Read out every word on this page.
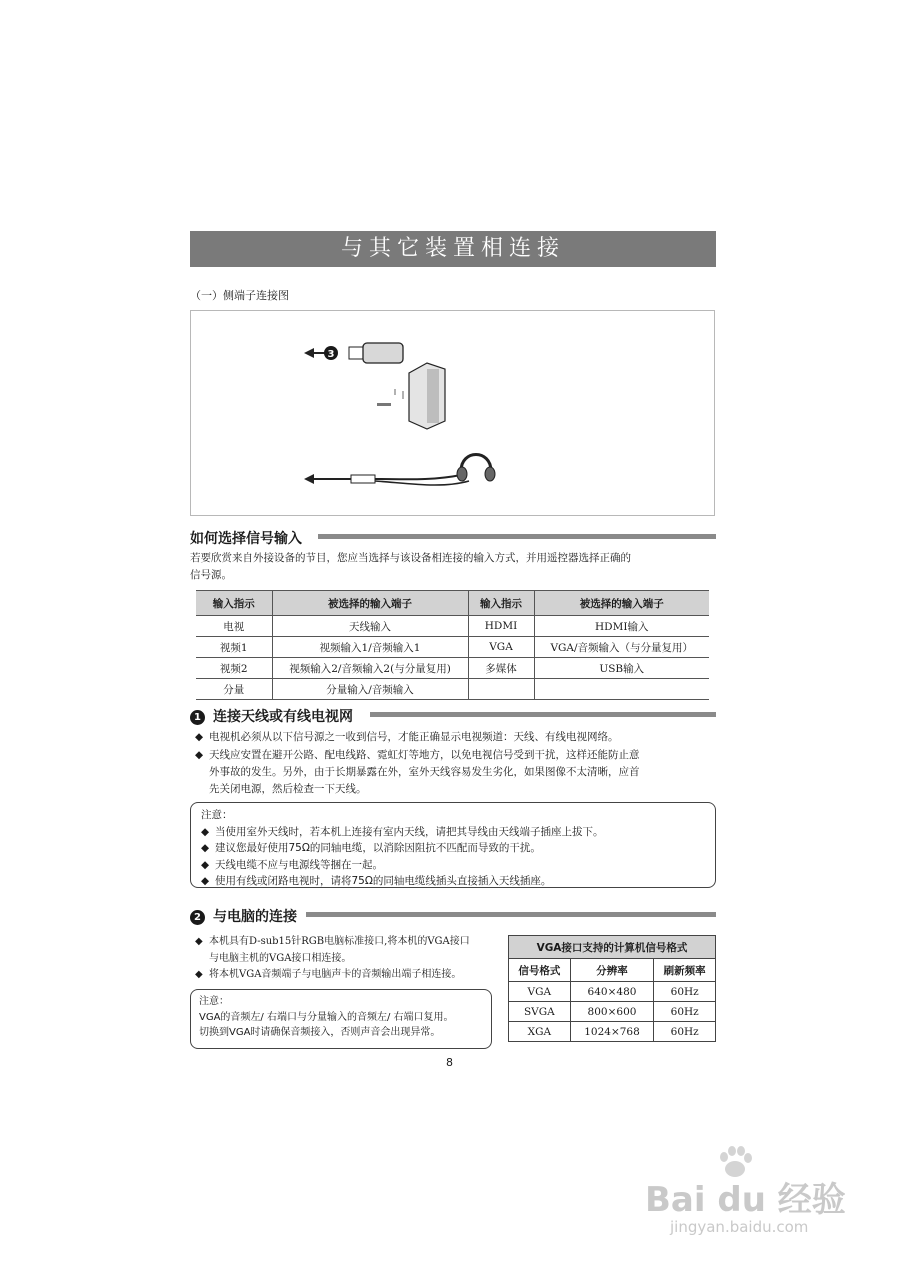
与其它装置相连接
（一）侧端子连接图
3
如何选择信号输入
若要欣赏来自外接设备的节目，您应当选择与该设备相连接的输入方式，并用遥控器选择正确的
信号源。
输入指示	被选择的输入端子	输入指示	被选择的输入端子
电视	天线输入	HDMI	HDMI输入
视频1	视频输入1/音频输入1	VGA	VGA/音频输入（与分量复用）
视频2	视频输入2/音频输入2(与分量复用)	多媒体	USB输入
分量	分量输入/音频输入		
1 连接天线或有线电视网
◆ 电视机必须从以下信号源之一收到信号，才能正确显示电视频道：天线、有线电视网络。
◆ 天线应安置在避开公路、配电线路、霓虹灯等地方，以免电视信号受到干扰，这样还能防止意
外事故的发生。另外，由于长期暴露在外，室外天线容易发生劣化，如果图像不太清晰，应首
先关闭电源，然后检查一下天线。
注意：
◆ 当使用室外天线时，若本机上连接有室内天线，请把其导线由天线端子插座上拔下。
◆ 建议您最好使用75Ω的同轴电缆，以消除因阻抗不匹配而导致的干扰。
◆ 天线电缆不应与电源线等捆在一起。
◆ 使用有线或闭路电视时，请将75Ω的同轴电缆线插头直接插入天线插座。
2 与电脑的连接
◆ 本机具有D-sub15针RGB电脑标准接口,将本机的VGA接口
与电脑主机的VGA接口相连接。
◆ 将本机VGA音频端子与电脑声卡的音频输出端子相连接。
注意：
VGA的音频左/ 右端口与分量输入的音频左/ 右端口复用。
切换到VGA时请确保音频接入，否则声音会出现异常。
VGA接口支持的计算机信号格式		
信号格式	分辨率	刷新频率
VGA	640×480	60Hz
SVGA	800×600	60Hz
XGA	1024×768	60Hz
8
Bai du 经验
jingyan.baidu.com
